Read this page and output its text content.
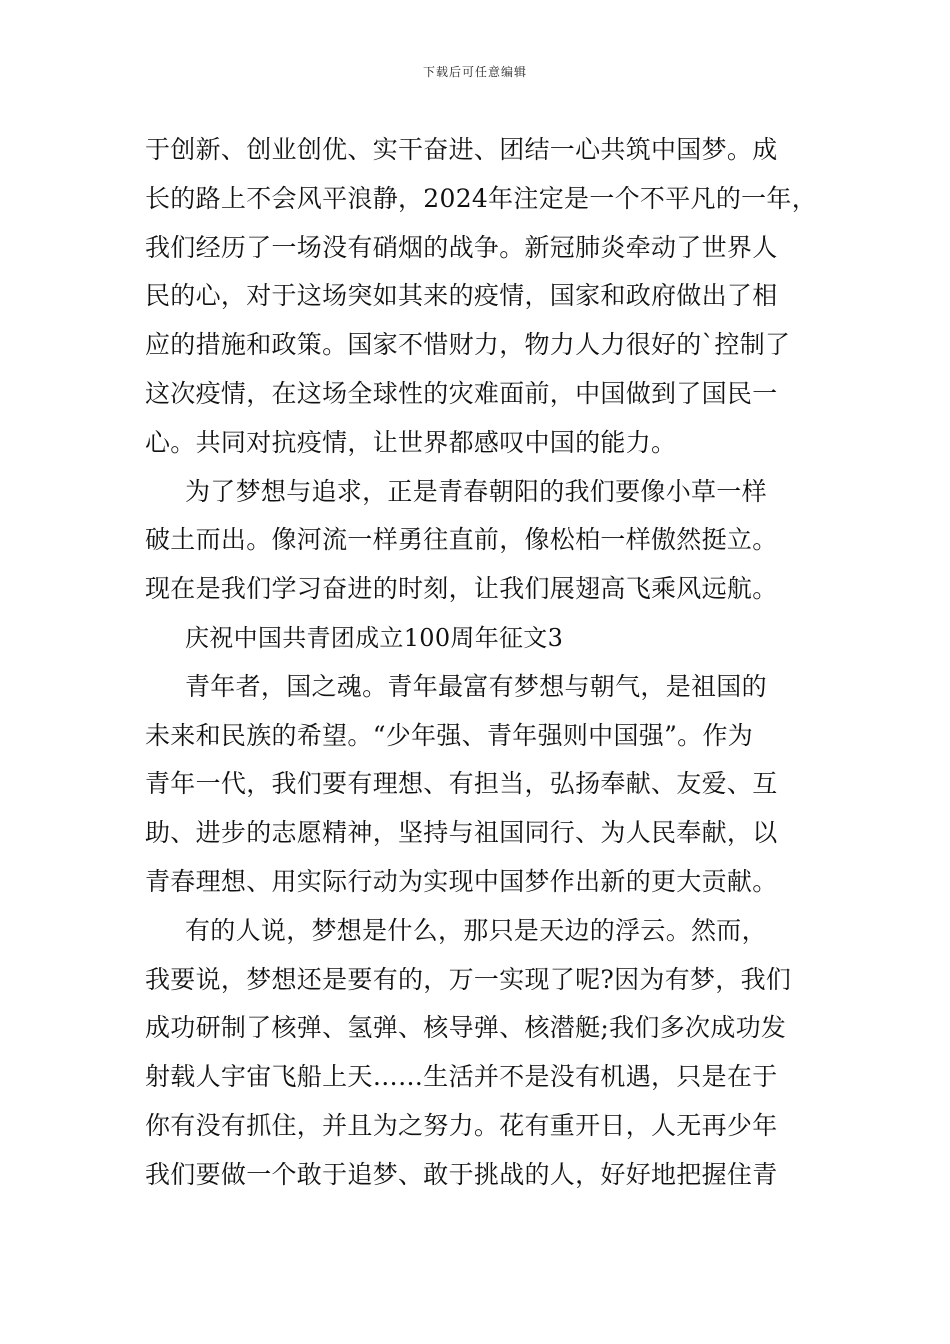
下载后可任意编辑
于创新、创业创优、实干奋进、团结一心共筑中国梦。成
长的路上不会风平浪静，2024年注定是一个不平凡的一年，
我们经历了一场没有硝烟的战争。新冠肺炎牵动了世界人
民的心，对于这场突如其来的疫情，国家和政府做出了相
应的措施和政策。国家不惜财力，物力人力很好的`控制了
这次疫情，在这场全球性的灾难面前，中国做到了国民一
心。共同对抗疫情，让世界都感叹中国的能力。
为了梦想与追求，正是青春朝阳的我们要像小草一样
破土而出。像河流一样勇往直前，像松柏一样傲然挺立。
现在是我们学习奋进的时刻，让我们展翅高飞乘风远航。
庆祝中国共青团成立100周年征文3
青年者，国之魂。青年最富有梦想与朝气，是祖国的
未来和民族的希望。“少年强、青年强则中国强”。作为
青年一代，我们要有理想、有担当，弘扬奉献、友爱、互
助、进步的志愿精神，坚持与祖国同行、为人民奉献，以
青春理想、用实际行动为实现中国梦作出新的更大贡献。
有的人说，梦想是什么，那只是天边的浮云。然而，
我要说，梦想还是要有的，万一实现了呢?因为有梦，我们
成功研制了核弹、氢弹、核导弹、核潜艇;我们多次成功发
射载人宇宙飞船上天……生活并不是没有机遇，只是在于
你有没有抓住，并且为之努力。花有重开日，人无再少年
我们要做一个敢于追梦、敢于挑战的人，好好地把握住青
